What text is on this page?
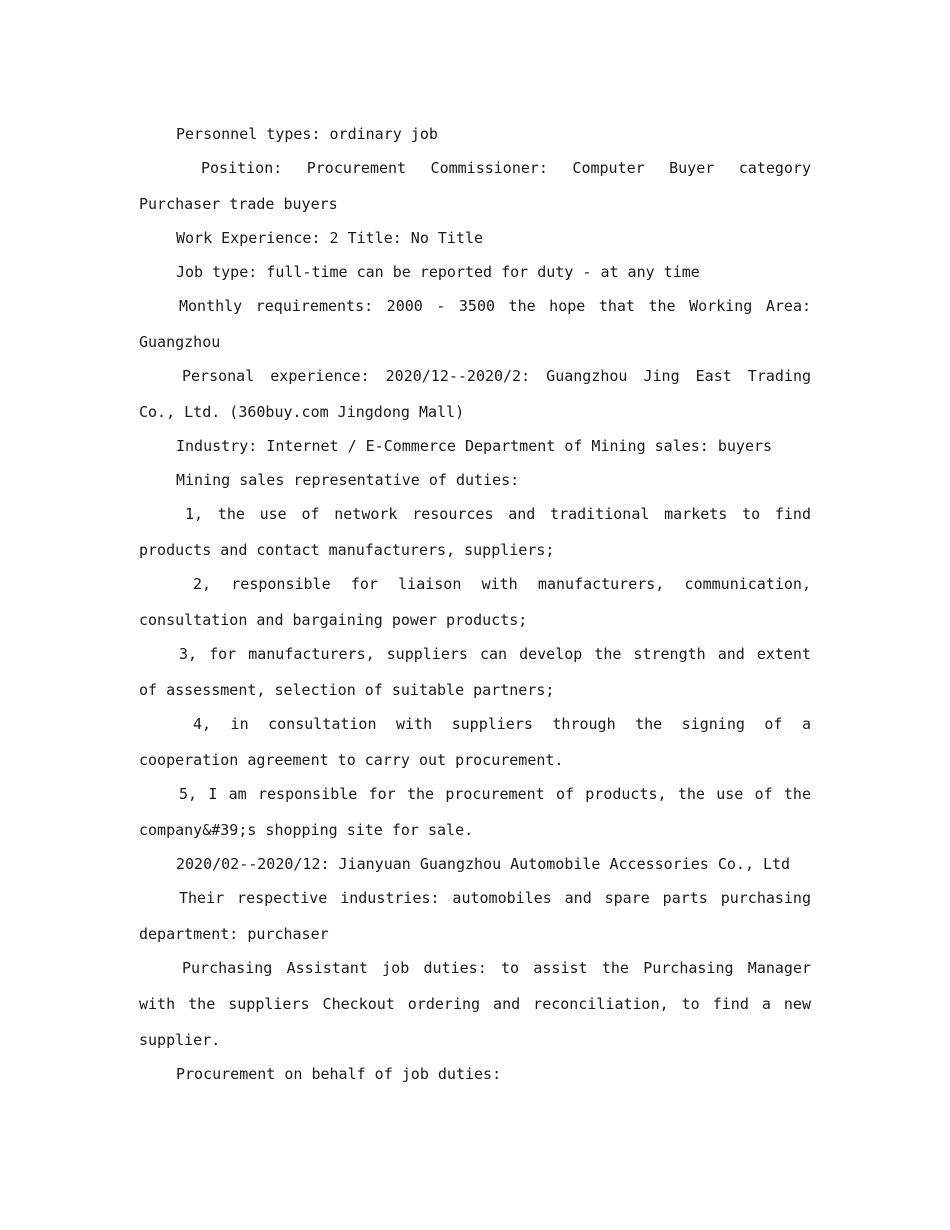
Personnel types: ordinary job

Position: Procurement Commissioner: Computer Buyer category Purchaser trade buyers

Work Experience: 2 Title: No Title

Job type: full-time can be reported for duty - at any time

Monthly requirements: 2000 - 3500 the hope that the Working Area: Guangzhou

Personal experience: 2020/12--2020/2: Guangzhou Jing East Trading Co., Ltd. (360buy.com Jingdong Mall)

Industry: Internet / E-Commerce Department of Mining sales: buyers

Mining sales representative of duties:

1, the use of network resources and traditional markets to find products and contact manufacturers, suppliers;

2, responsible for liaison with manufacturers, communication, consultation and bargaining power products;

3, for manufacturers, suppliers can develop the strength and extent of assessment, selection of suitable partners;

4, in consultation with suppliers through the signing of a cooperation agreement to carry out procurement.

5, I am responsible for the procurement of products, the use of the company&#39;s shopping site for sale.

2020/02--2020/12: Jianyuan Guangzhou Automobile Accessories Co., Ltd

Their respective industries: automobiles and spare parts purchasing department: purchaser

Purchasing Assistant job duties: to assist the Purchasing Manager with the suppliers Checkout ordering and reconciliation, to find a new supplier.

Procurement on behalf of job duties:
